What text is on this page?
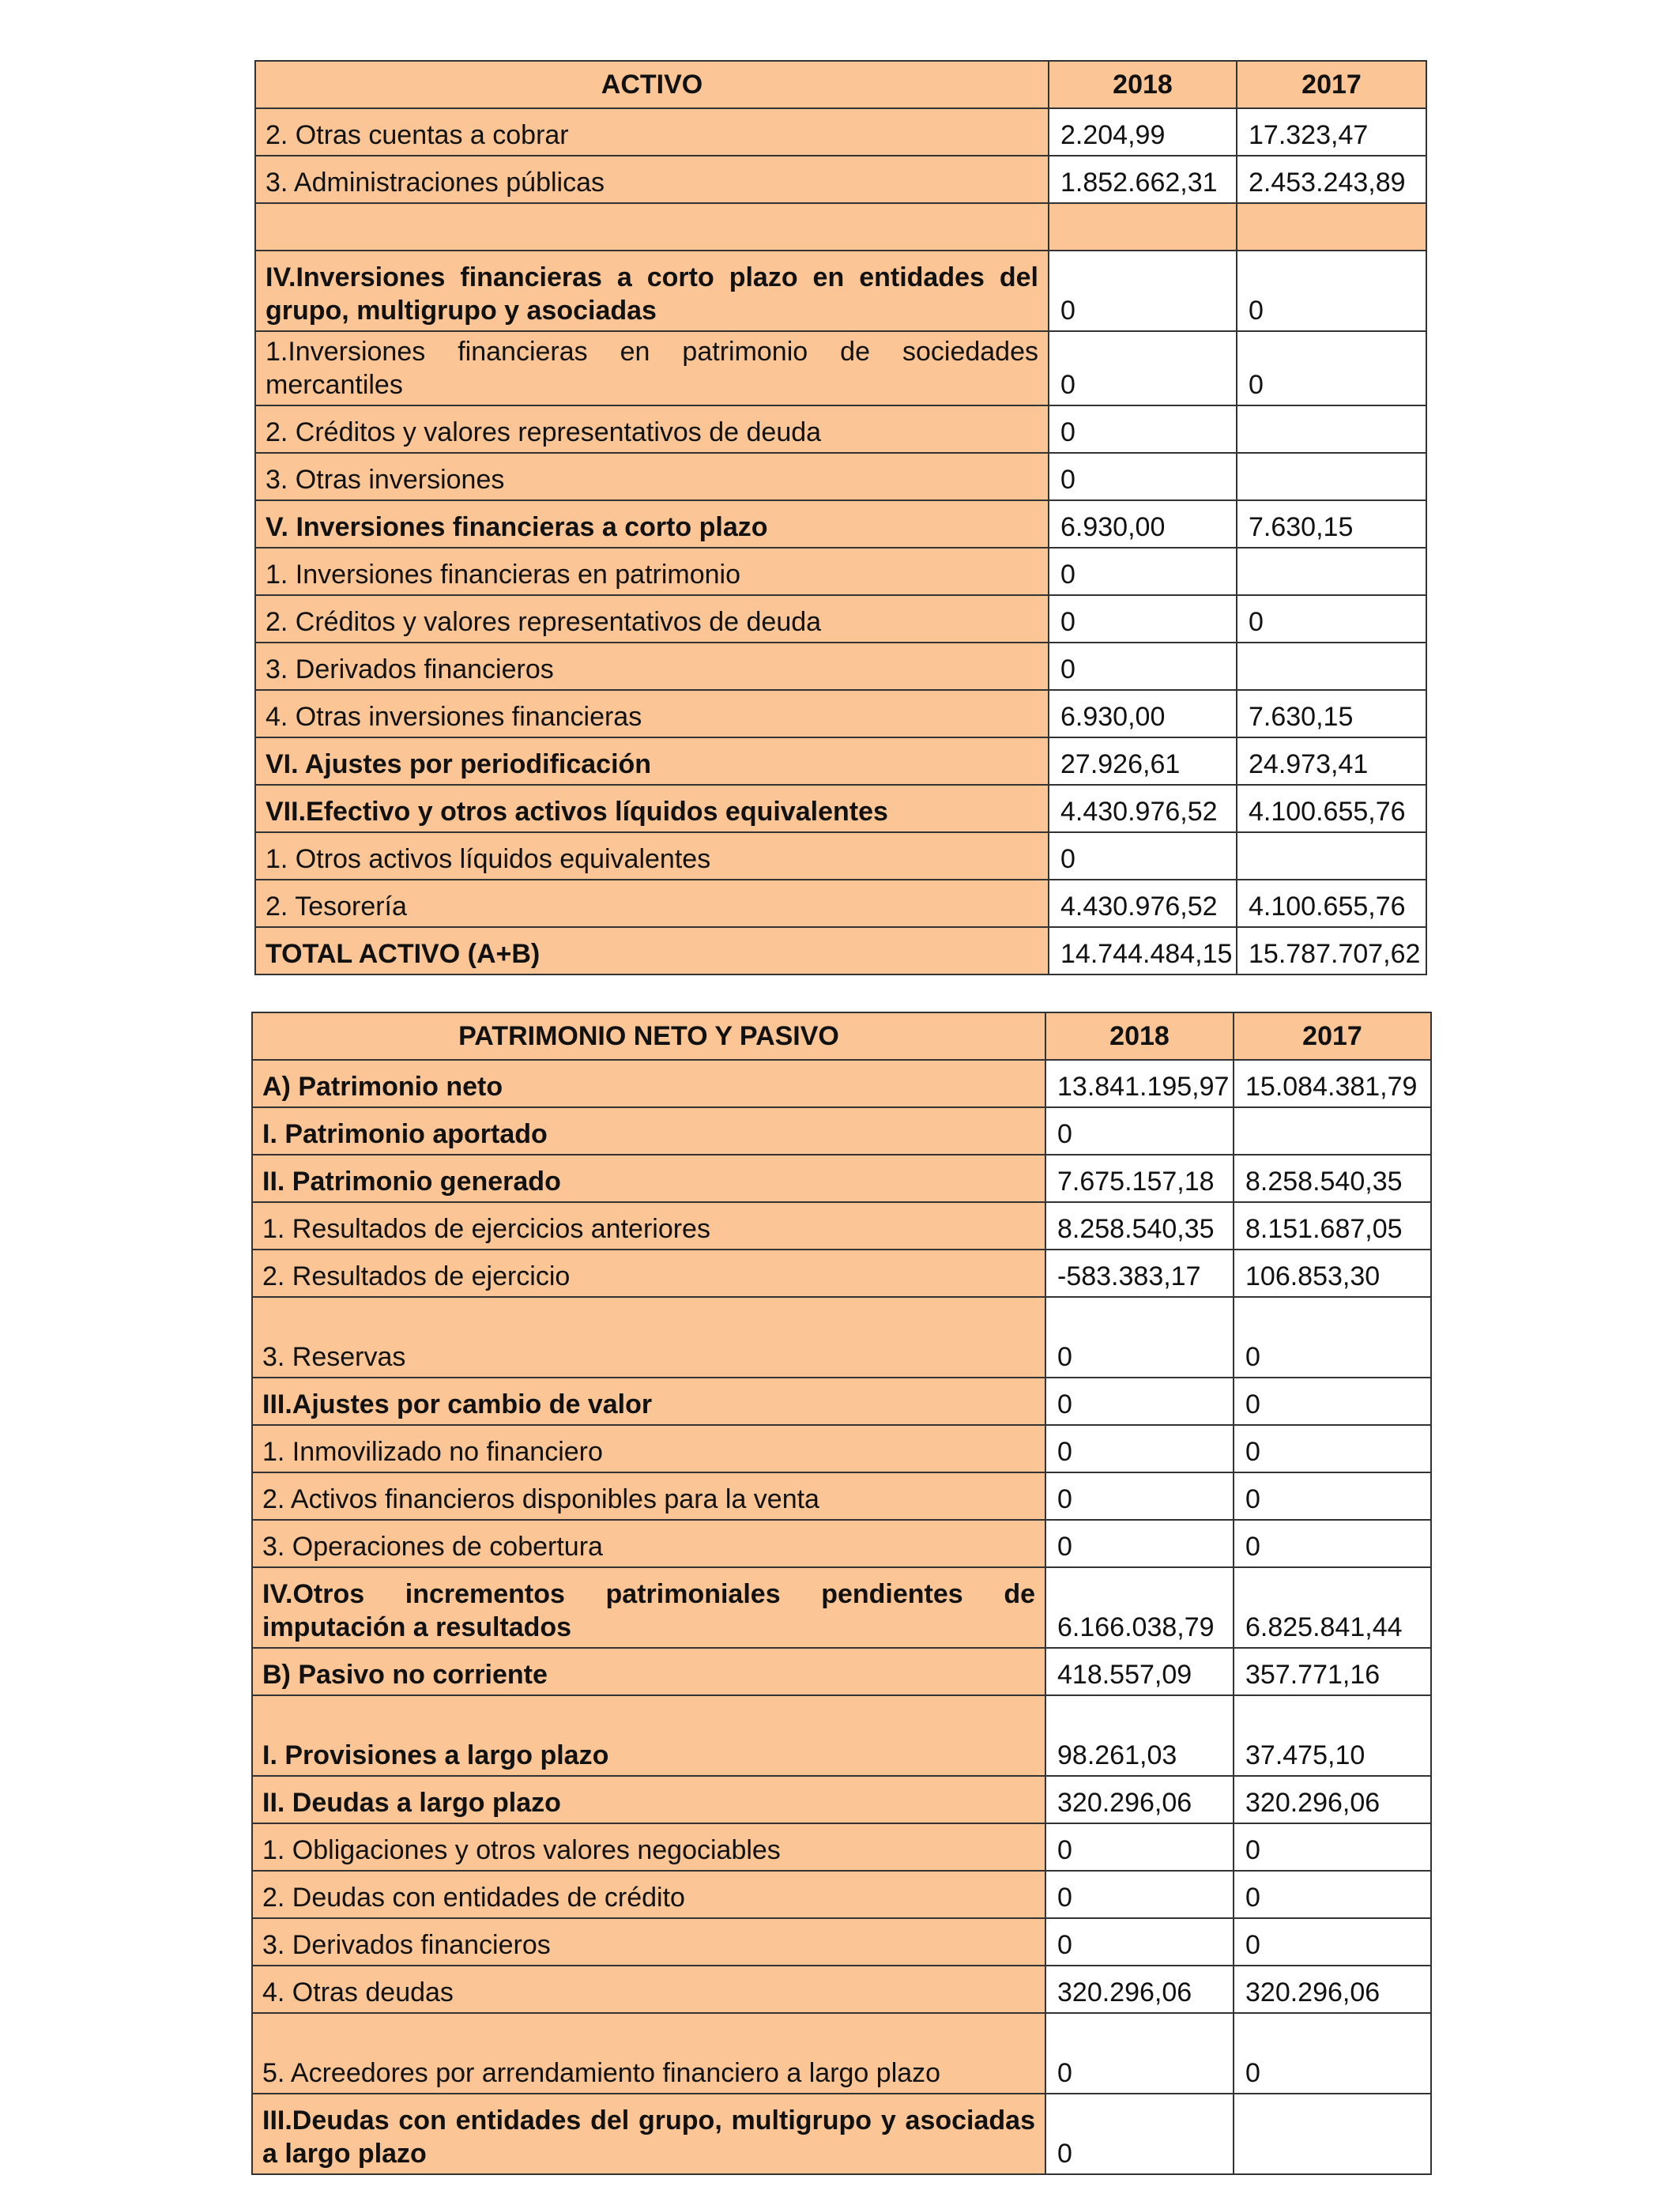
ACTIVO	2018	2017
2. Otras cuentas a cobrar	2.204,99	17.323,47
3. Administraciones públicas	1.852.662,31	2.453.243,89

IV.Inversiones financieras a corto plazo en entidades del grupo, multigrupo y asociadas	0	0
1.Inversiones financieras en patrimonio de sociedades mercantiles	0	0
2. Créditos y valores representativos de deuda	0	
3. Otras inversiones	0	
V. Inversiones financieras a corto plazo	6.930,00	7.630,15
1. Inversiones financieras en patrimonio	0	
2. Créditos y valores representativos de deuda	0	0
3. Derivados financieros	0	
4. Otras inversiones financieras	6.930,00	7.630,15
VI. Ajustes por periodificación	27.926,61	24.973,41
VII.Efectivo y otros activos líquidos equivalentes	4.430.976,52	4.100.655,76
1. Otros activos líquidos equivalentes	0	
2. Tesorería	4.430.976,52	4.100.655,76
TOTAL ACTIVO (A+B)	14.744.484,15	15.787.707,62
PATRIMONIO NETO Y PASIVO	2018	2017
A) Patrimonio neto	13.841.195,97	15.084.381,79
I. Patrimonio aportado	0	
II. Patrimonio generado	7.675.157,18	8.258.540,35
1. Resultados de ejercicios anteriores	8.258.540,35	8.151.687,05
2. Resultados de ejercicio	-583.383,17	106.853,30
3. Reservas	0	0
III.Ajustes por cambio de valor	0	0
1. Inmovilizado no financiero	0	0
2. Activos financieros disponibles para la venta	0	0
3. Operaciones de cobertura	0	0
IV.Otros incrementos patrimoniales pendientes de imputación a resultados	6.166.038,79	6.825.841,44
B) Pasivo no corriente	418.557,09	357.771,16
I. Provisiones a largo plazo	98.261,03	37.475,10
II. Deudas a largo plazo	320.296,06	320.296,06
1. Obligaciones y otros valores negociables	0	0
2. Deudas con entidades de crédito	0	0
3. Derivados financieros	0	0
4. Otras deudas	320.296,06	320.296,06
5. Acreedores por arrendamiento financiero a largo plazo	0	0
III.Deudas con entidades del grupo, multigrupo y asociadas a largo plazo	0	
